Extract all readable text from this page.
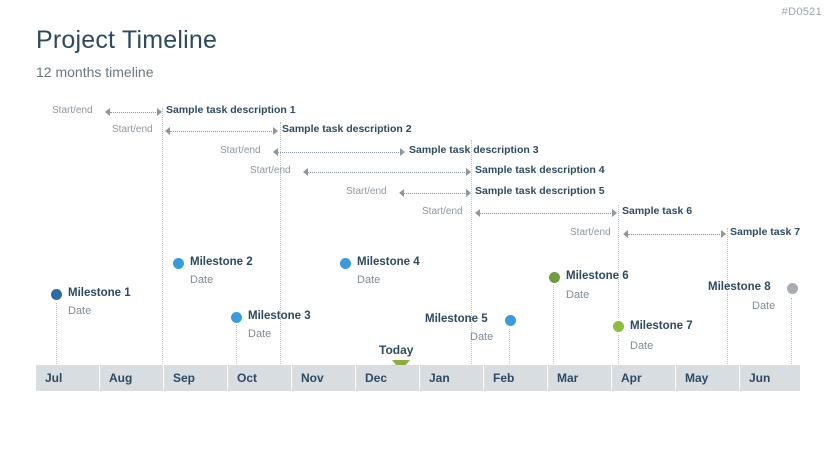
#D0521
Project Timeline
12 months timeline
Start/end	Sample task description 1
Start/end	Sample task description 2
Start/end	Sample task description 3
Start/end	Sample task description 4
Start/end	Sample task description 5
Start/end	Sample task 6
Start/end	Sample task 7
Milestone 1
Date
Milestone 2
Date
Milestone 3
Date
Milestone 4
Date
Milestone 5
Date
Milestone 6
Date
Milestone 7
Date
Milestone 8
Date
Today
Jul	Aug	Sep	Oct	Nov	Dec	Jan	Feb	Mar	Apr	May	Jun
